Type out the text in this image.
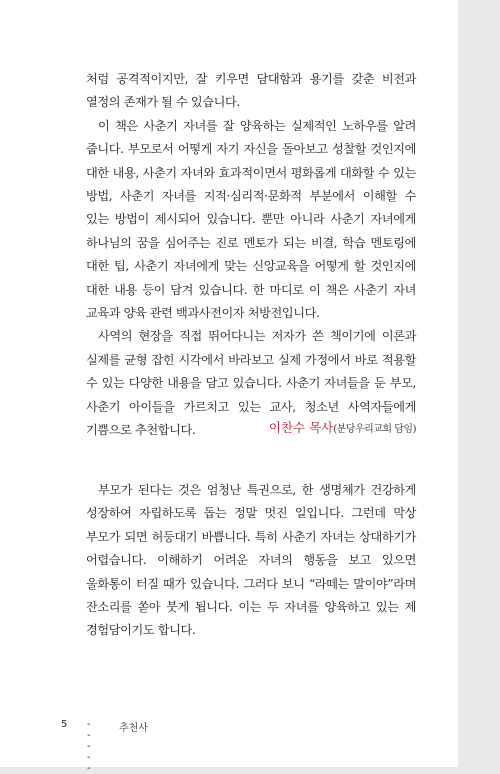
처럼 공격적이지만, 잘 키우면 담대함과 용기를 갖춘 비전과 열정의 존재가 될 수 있습니다.

이 책은 사춘기 자녀를 잘 양육하는 실제적인 노하우를 알려 줍니다. 부모로서 어떻게 자기 자신을 돌아보고 성찰할 것인지에 대한 내용, 사춘기 자녀와 효과적이면서 평화롭게 대화할 수 있는 방법, 사춘기 자녀를 지적·심리적·문화적 부분에서 이해할 수 있는 방법이 제시되어 있습니다. 뿐만 아니라 사춘기 자녀에게 하나님의 꿈을 심어주는 진로 멘토가 되는 비결, 학습 멘토링에 대한 팁, 사춘기 자녀에게 맞는 신앙교육을 어떻게 할 것인지에 대한 내용 등이 담겨 있습니다. 한 마디로 이 책은 사춘기 자녀 교육과 양육 관련 백과사전이자 처방전입니다.

사역의 현장을 직접 뛰어다니는 저자가 쓴 책이기에 이론과 실제를 균형 잡힌 시각에서 바라보고 실제 가정에서 바로 적용할 수 있는 다양한 내용을 담고 있습니다. 사춘기 자녀들을 둔 부모, 사춘기 아이들을 가르치고 있는 교사, 청소년 사역자들에게 기쁨으로 추천합니다.	이찬수 목사(분당우리교회 담임)

부모가 된다는 것은 엄청난 특권으로, 한 생명체가 건강하게 성장하여 자립하도록 돕는 정말 멋진 일입니다. 그런데 막상 부모가 되면 허둥대기 바쁩니다. 특히 사춘기 자녀는 상대하기가 어렵습니다. 이해하기 어려운 자녀의 행동을 보고 있으면 울화통이 터질 때가 있습니다. 그러다 보니 “라떼는 말이야”라며 잔소리를 쏟아 붓게 됩니다. 이는 두 자녀를 양육하고 있는 제 경험담이기도 합니다.

5 -----
추천사
